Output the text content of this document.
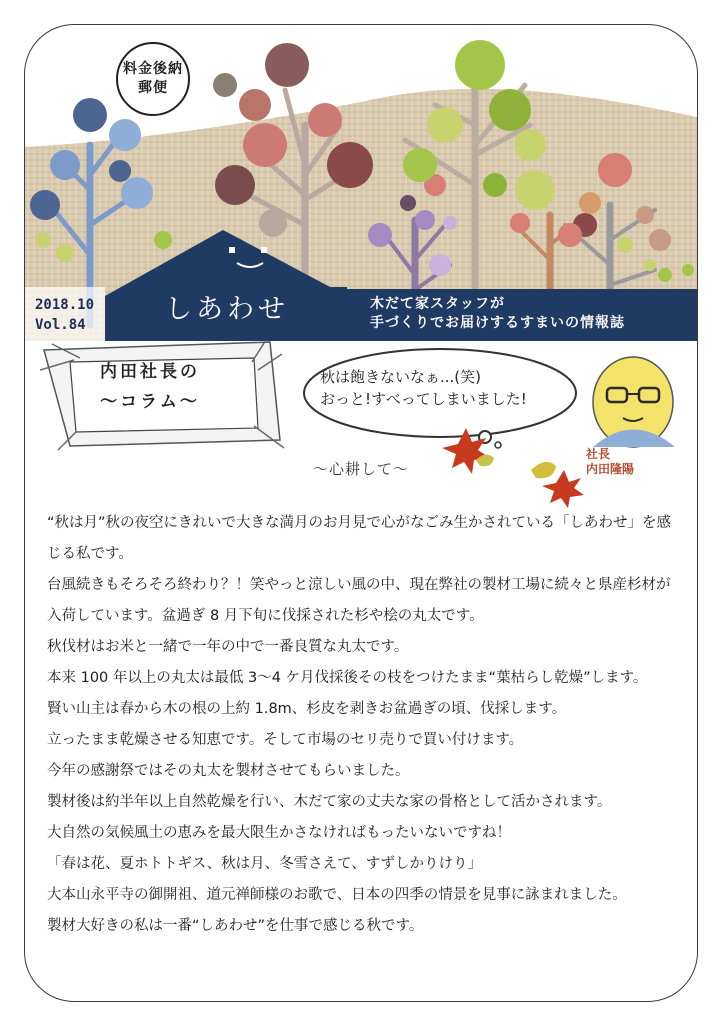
料金後納
郵便
2018.10
Vol.84	しあわせ	木だて家スタッフが
手づくりでお届けするすまいの情報誌
内田社長の
〜コラム〜
秋は飽きないなぁ...(笑)
おっと!すべってしまいました!
〜心耕して〜
社長
内田隆陽

“秋は月”秋の夜空にきれいで大きな満月のお月見で心がなごみ生かされている「しあわせ」を感

じる私です。

台風続きもそろそろ終わり？！笑やっと涼しい風の中、現在弊社の製材工場に続々と県産杉材が

入荷しています。盆過ぎ 8 月下旬に伐採された杉や桧の丸太です。

秋伐材はお米と一緒で一年の中で一番良質な丸太です。

本来 100 年以上の丸太は最低 3〜4 ケ月伐採後その枝をつけたまま“葉枯らし乾燥”します。

賢い山主は春から木の根の上約 1.8m、杉皮を剥きお盆過ぎの頃、伐採します。

立ったまま乾燥させる知恵です。そして市場のセリ売りで買い付けます。

今年の感謝祭ではその丸太を製材させてもらいました。

製材後は約半年以上自然乾燥を行い、木だて家の丈夫な家の骨格として活かされます。

大自然の気候風土の恵みを最大限生かさなければもったいないですね！

「春は花、夏ホトトギス、秋は月、冬雪さえて、すずしかりけり」

大本山永平寺の御開祖、道元禅師様のお歌で、日本の四季の情景を見事に詠まれました。

製材大好きの私は一番“しあわせ”を仕事で感じる秋です。
